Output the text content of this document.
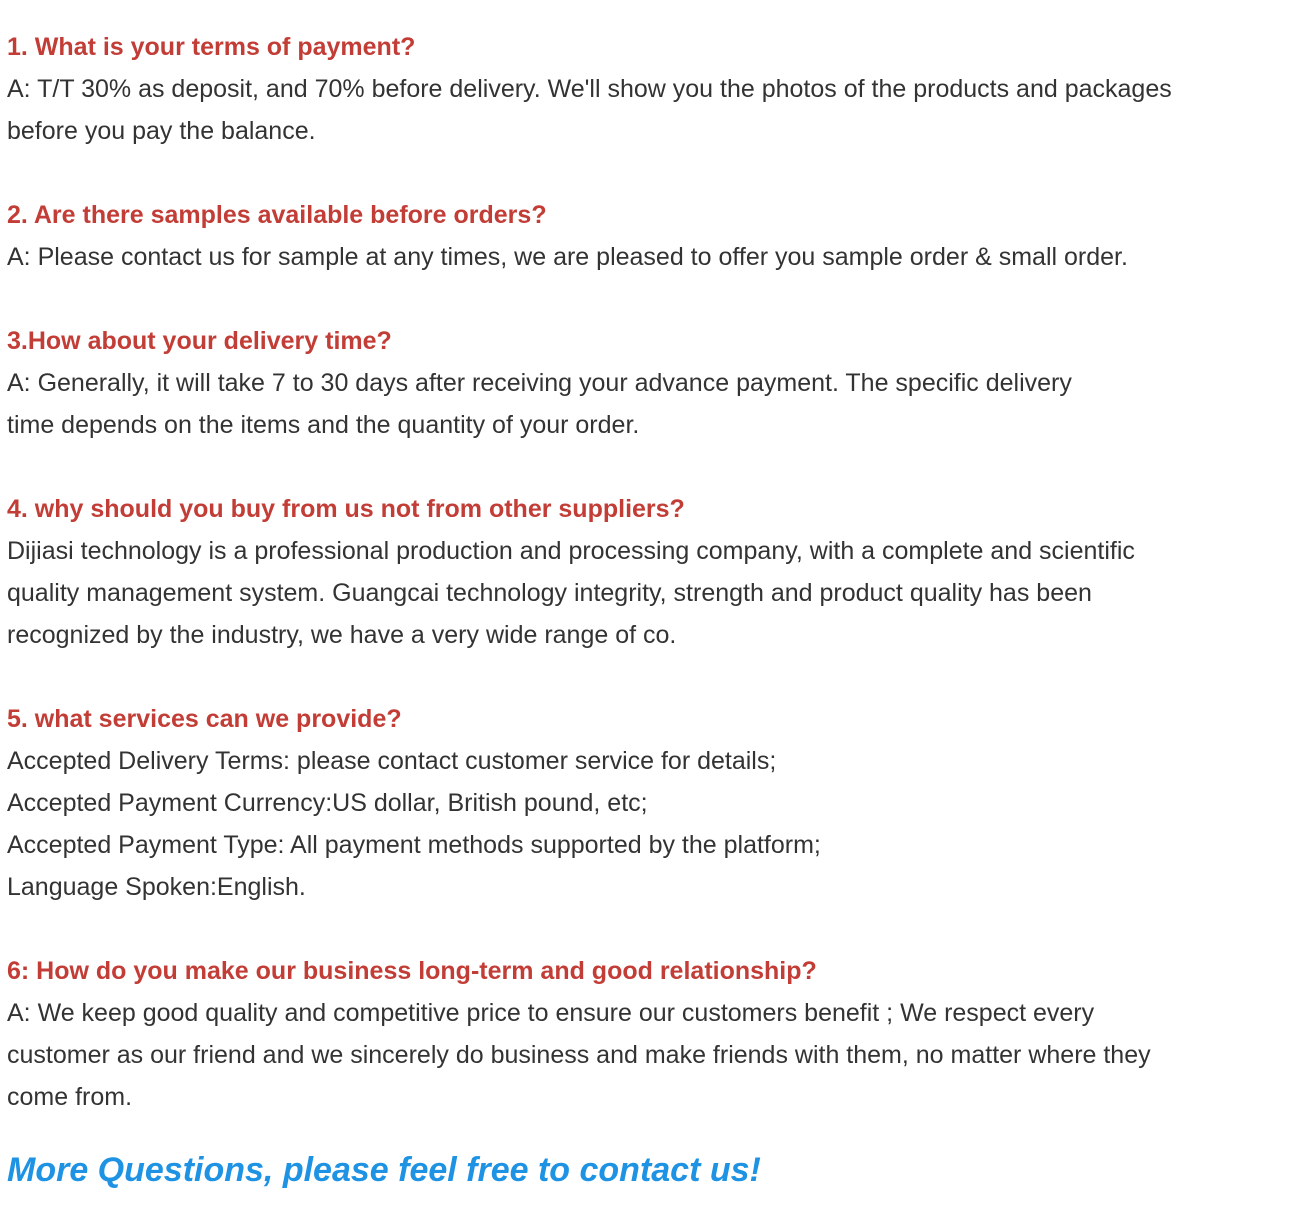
1. What is your terms of payment?

A: T/T 30% as deposit, and 70% before delivery. We'll show you the photos of the products and packages
before you pay the balance.

2. Are there samples available before orders?

A: Please contact us for sample at any times, we are pleased to offer you sample order & small order.

3.How about your delivery time?

A: Generally, it will take 7 to 30 days after receiving your advance payment. The specific delivery
time depends on the items and the quantity of your order.

4. why should you buy from us not from other suppliers?

Dijiasi technology is a professional production and processing company, with a complete and scientific
quality management system. Guangcai technology integrity, strength and product quality has been
recognized by the industry, we have a very wide range of co.

5. what services can we provide?

Accepted Delivery Terms: please contact customer service for details;
Accepted Payment Currency:US dollar, British pound, etc;
Accepted Payment Type: All payment methods supported by the platform;
Language Spoken:English.

6: How do you make our business long-term and good relationship?

A: We keep good quality and competitive price to ensure our customers benefit ; We respect every
customer as our friend and we sincerely do business and make friends with them, no matter where they
come from.

More Questions, please feel free to contact us!
